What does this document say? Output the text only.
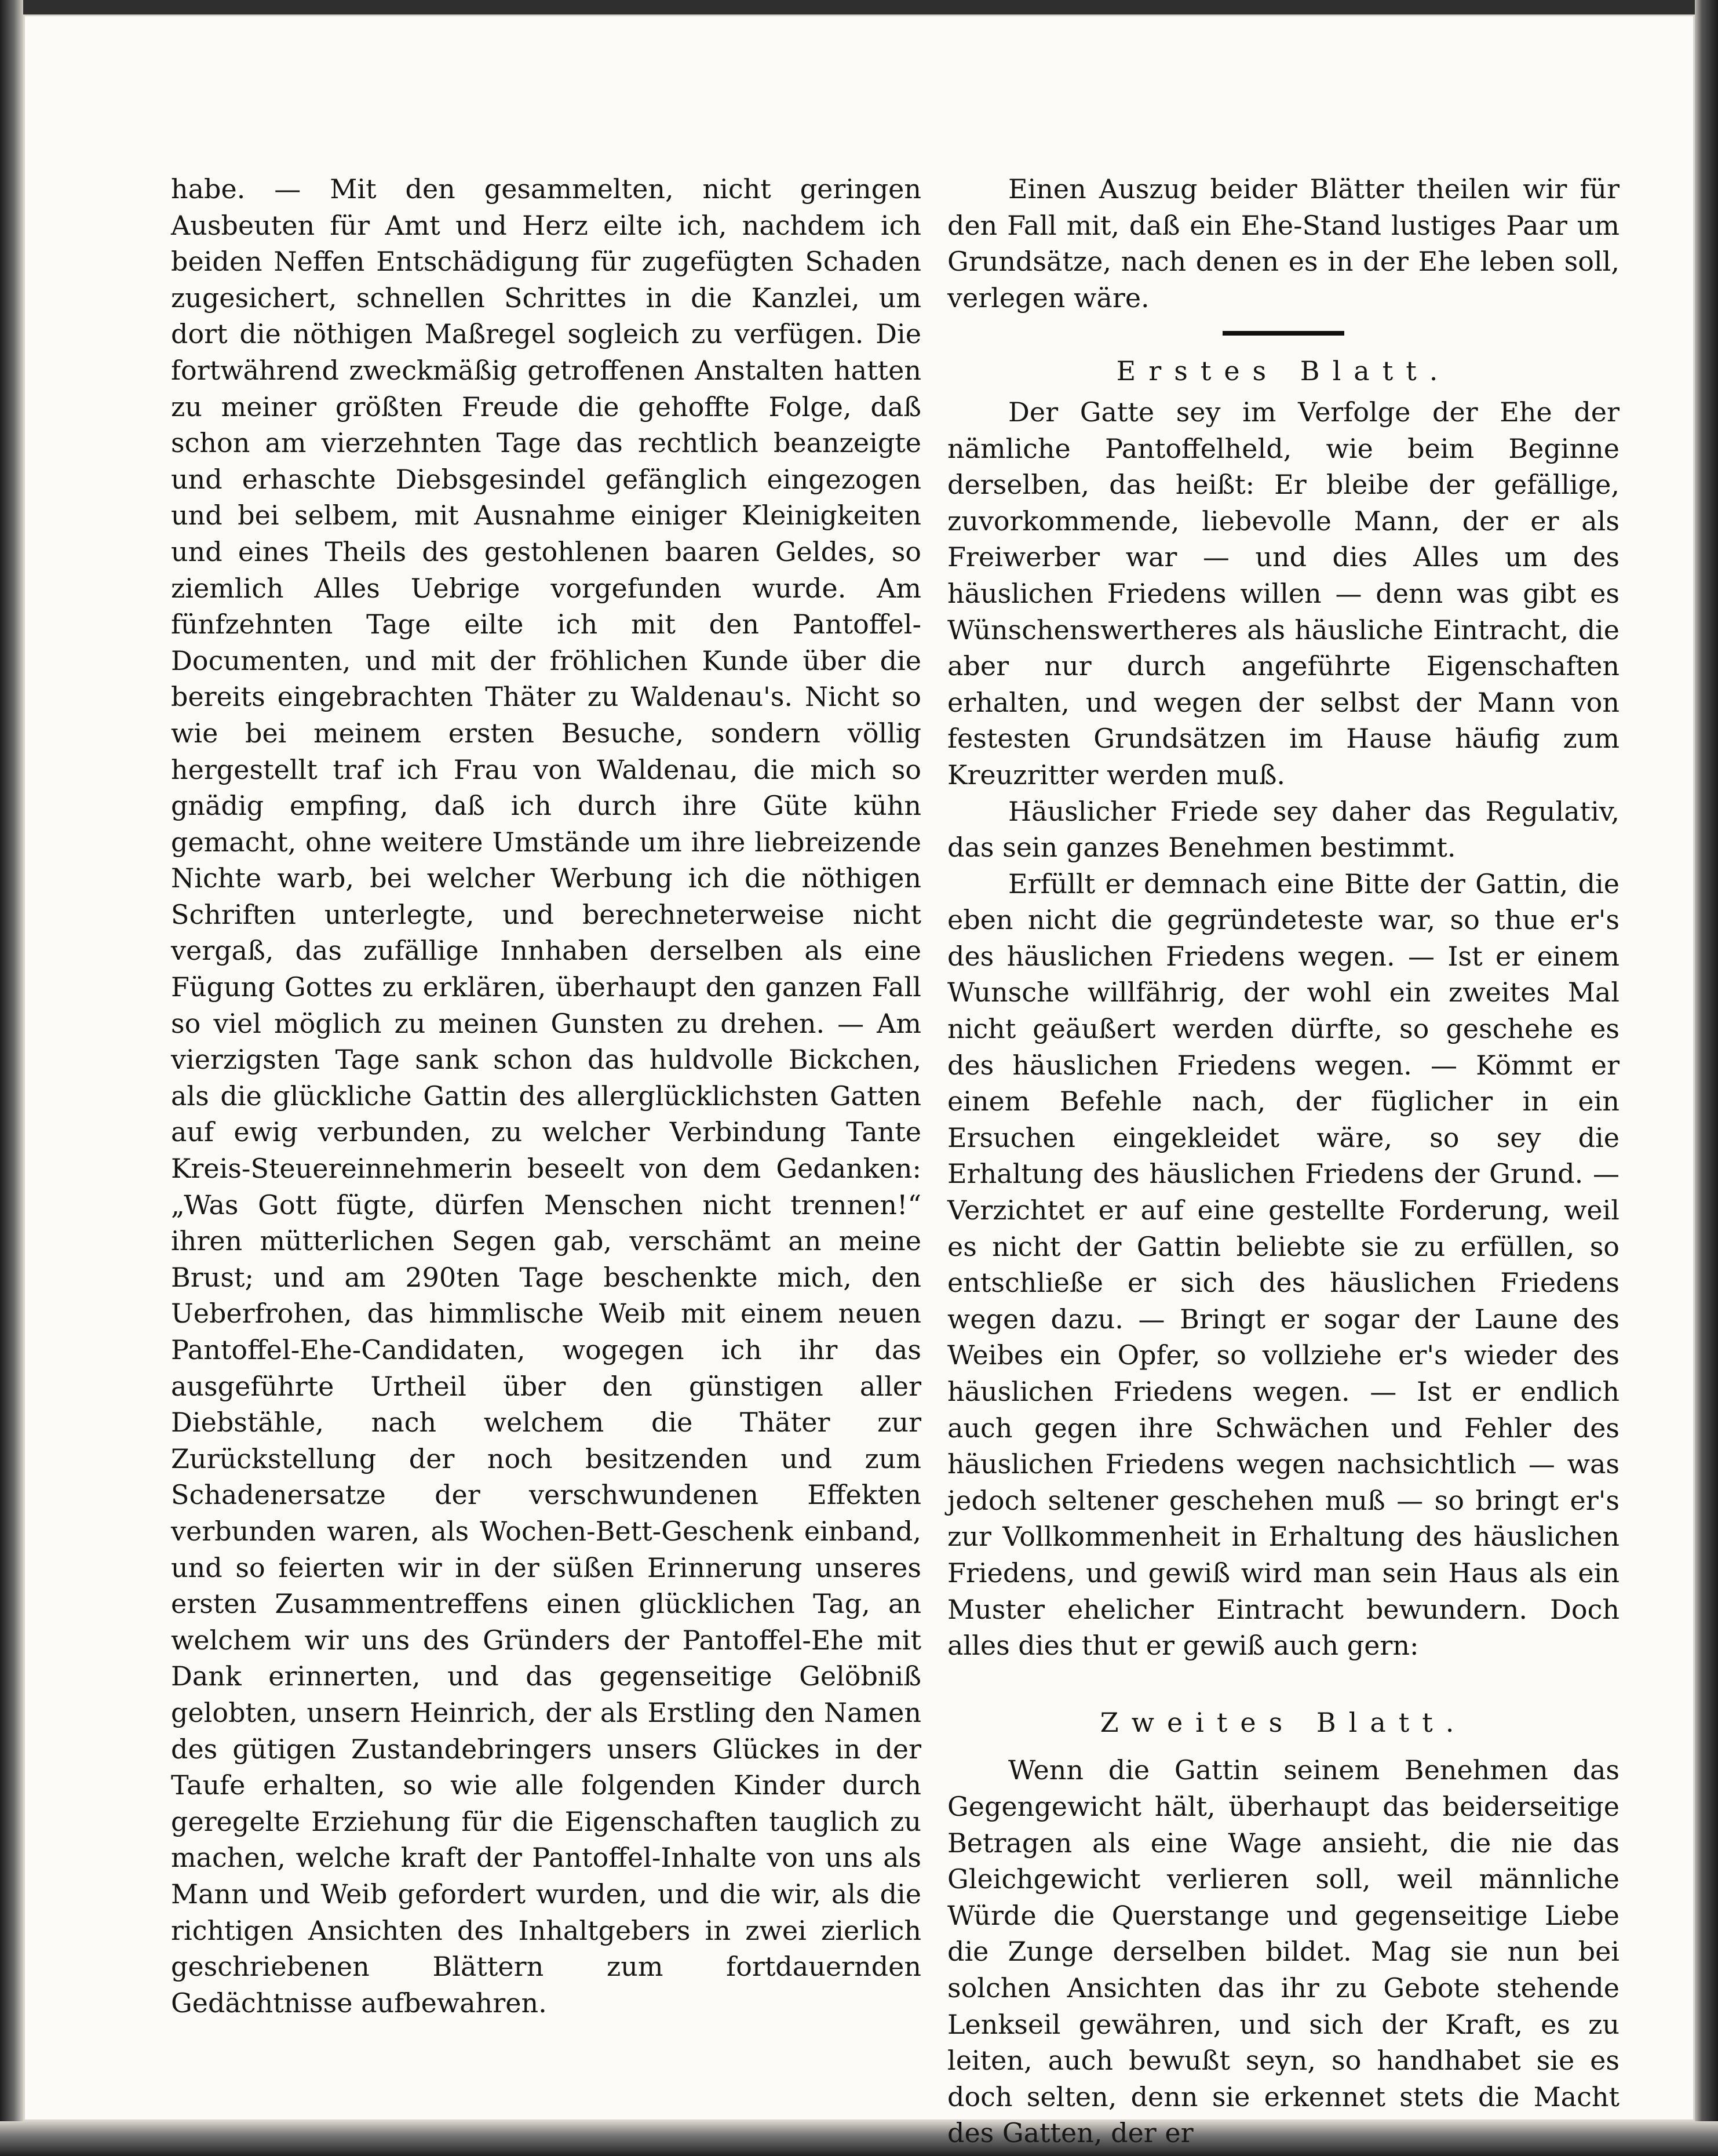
habe. — Mit den gesammelten, nicht geringen Ausbeuten für Amt und Herz eilte ich, nachdem ich beiden Neffen Entschädigung für zugefügten Schaden zugesichert, schnellen Schrittes in die Kanzlei, um dort die nöthigen Maßregel sogleich zu verfügen. Die fortwährend zweckmäßig getroffenen Anstalten hatten zu meiner größten Freude die gehoffte Folge, daß schon am vierzehnten Tage das rechtlich beanzeigte und erhaschte Diebsgesindel gefänglich eingezogen und bei selbem, mit Ausnahme einiger Kleinigkeiten und eines Theils des gestohlenen baaren Geldes, so ziemlich Alles Uebrige vorgefunden wurde. Am fünfzehnten Tage eilte ich mit den Pantoffel-Documenten, und mit der fröhlichen Kunde über die bereits eingebrachten Thäter zu Waldenau's. Nicht so wie bei meinem ersten Besuche, sondern völlig hergestellt traf ich Frau von Waldenau, die mich so gnädig empfing, daß ich durch ihre Güte kühn gemacht, ohne weitere Umstände um ihre liebreizende Nichte warb, bei welcher Werbung ich die nöthigen Schriften unterlegte, und berechneterweise nicht vergaß, das zufällige Innhaben derselben als eine Fügung Gottes zu erklären, überhaupt den ganzen Fall so viel möglich zu meinen Gunsten zu drehen. — Am vierzigsten Tage sank schon das huldvolle Bickchen, als die glückliche Gattin des allerglücklichsten Gatten auf ewig verbunden, zu welcher Verbindung Tante Kreis-Steuereinnehmerin beseelt von dem Gedanken: „Was Gott fügte, dürfen Menschen nicht trennen!“ ihren mütterlichen Segen gab, verschämt an meine Brust; und am 290ten Tage beschenkte mich, den Ueberfrohen, das himmlische Weib mit einem neuen Pantoffel-Ehe-Candidaten, wogegen ich ihr das ausgeführte Urtheil über den günstigen aller Diebstähle, nach welchem die Thäter zur Zurückstellung der noch besitzenden und zum Schadenersatze der verschwundenen Effekten verbunden waren, als Wochen-Bett-Geschenk einband, und so feierten wir in der süßen Erinnerung unseres ersten Zusammentreffens einen glücklichen Tag, an welchem wir uns des Gründers der Pantoffel-Ehe mit Dank erinnerten, und das gegenseitige Gelöbniß gelobten, unsern Heinrich, der als Erstling den Namen des gütigen Zustandebringers unsers Glückes in der Taufe erhalten, so wie alle folgenden Kinder durch geregelte Erziehung für die Eigenschaften tauglich zu machen, welche kraft der Pantoffel-Inhalte von uns als Mann und Weib gefordert wurden, und die wir, als die richtigen Ansichten des Inhaltgebers in zwei zierlich geschriebenen Blättern zum fortdauernden Gedächtnisse aufbewahren.

Einen Auszug beider Blätter theilen wir für den Fall mit, daß ein Ehe-Stand lustiges Paar um Grundsätze, nach denen es in der Ehe leben soll, verlegen wäre.

Erstes Blatt.

Der Gatte sey im Verfolge der Ehe der nämliche Pantoffelheld, wie beim Beginne derselben, das heißt: Er bleibe der gefällige, zuvorkommende, liebevolle Mann, der er als Freiwerber war — und dies Alles um des häuslichen Friedens willen — denn was gibt es Wünschenswertheres als häusliche Eintracht, die aber nur durch angeführte Eigenschaften erhalten, und wegen der selbst der Mann von festesten Grundsätzen im Hause häufig zum Kreuzritter werden muß.

Häuslicher Friede sey daher das Regulativ, das sein ganzes Benehmen bestimmt.

Erfüllt er demnach eine Bitte der Gattin, die eben nicht die gegründeteste war, so thue er's des häuslichen Friedens wegen. — Ist er einem Wunsche willfährig, der wohl ein zweites Mal nicht geäußert werden dürfte, so geschehe es des häuslichen Friedens wegen. — Kömmt er einem Befehle nach, der füglicher in ein Ersuchen eingekleidet wäre, so sey die Erhaltung des häuslichen Friedens der Grund. — Verzichtet er auf eine gestellte Forderung, weil es nicht der Gattin beliebte sie zu erfüllen, so entschließe er sich des häuslichen Friedens wegen dazu. — Bringt er sogar der Laune des Weibes ein Opfer, so vollziehe er's wieder des häuslichen Friedens wegen. — Ist er endlich auch gegen ihre Schwächen und Fehler des häuslichen Friedens wegen nachsichtlich — was jedoch seltener geschehen muß — so bringt er's zur Vollkommenheit in Erhaltung des häuslichen Friedens, und gewiß wird man sein Haus als ein Muster ehelicher Eintracht bewundern. Doch alles dies thut er gewiß auch gern:

Zweites Blatt.

Wenn die Gattin seinem Benehmen das Gegengewicht hält, überhaupt das beiderseitige Betragen als eine Wage ansieht, die nie das Gleichgewicht verlieren soll, weil männliche Würde die Querstange und gegenseitige Liebe die Zunge derselben bildet. Mag sie nun bei solchen Ansichten das ihr zu Gebote stehende Lenkseil gewähren, und sich der Kraft, es zu leiten, auch bewußt seyn, so handhabet sie es doch selten, denn sie erkennet stets die Macht des Gatten, der er
